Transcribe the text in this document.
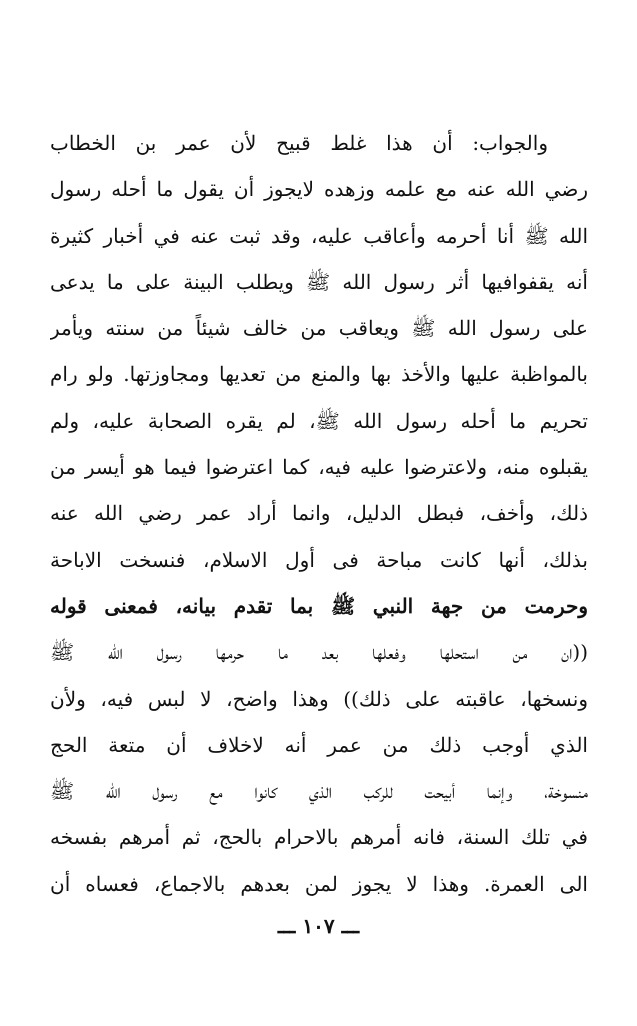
والجواب: أن هذا غلط قبيح لأن عمر بن الخطاب
رضي الله عنه مع علمه وزهده لايجوز أن يقول ما أحله رسول
الله ﷺ أنا أحرمه وأعاقب عليه، وقد ثبت عنه في أخبار كثيرة
أنه يقفوافيها أثر رسول الله ﷺ ويطلب البينة على ما يدعى
على رسول الله ﷺ ويعاقب من خالف شيئاً من سنته ويأمر
بالمواظبة عليها والأخذ بها والمنع من تعديها ومجاوزتها. ولو رام
تحريم ما أحله رسول الله ﷺ، لم يقره الصحابة عليه، ولم
يقبلوه منه، ولاعترضوا عليه فيه، كما اعترضوا فيما هو أيسر من
ذلك، وأخف، فبطل الدليل، وانما أراد عمر رضي الله عنه
بذلك، أنها كانت مباحة فى أول الاسلام، فنسخت الاباحة
وحرمت من جهة النبي ﷺ بما تقدم بيانه، فمعنى قوله
((ان من استحلها وفعلها بعد ما حرمها رسول الله ﷺ
ونسخها، عاقبته على ذلك)) وهذا واضح، لا لبس فيه، ولأن
الذي أوجب ذلك من عمر أنه لاخلاف أن متعة الحج
منسوخة، وإنما أبيحت للركب الذي كانوا مع رسول الله ﷺ
في تلك السنة، فانه أمرهم بالاحرام بالحج، ثم أمرهم بفسخه
الى العمرة. وهذا لا يجوز لمن بعدهم بالاجماع، فعساه أن
ـــ ١٠٧ ـــ
